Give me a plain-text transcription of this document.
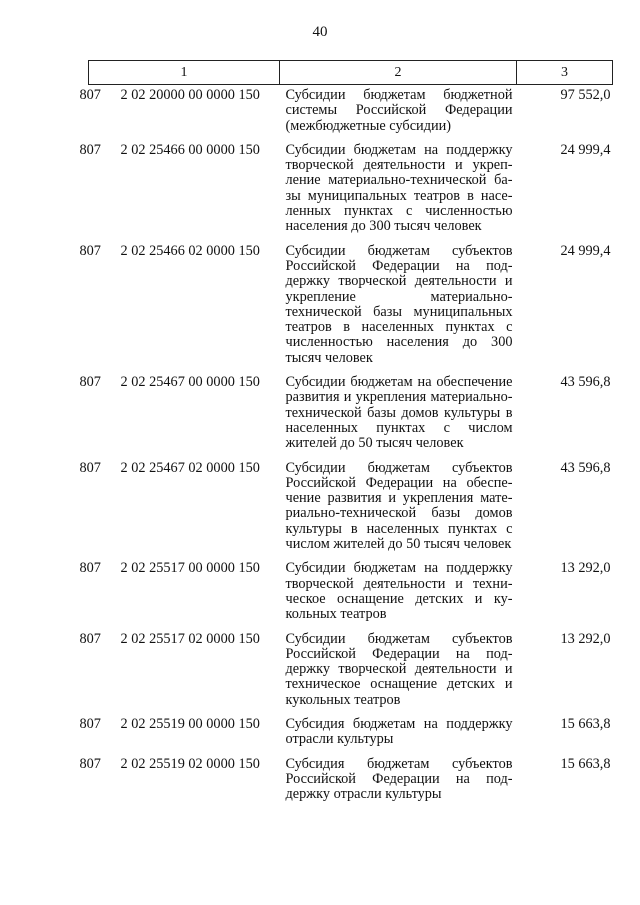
40
1	2	3

807 2 02 20000 00 0000 150	Субсидии бюджетам бюджетной системы Российской Федерации (межбюджетные субсидии)	97 552,0

807 2 02 25466 00 0000 150	Субсидии бюджетам на поддержку творческой деятельности и укрепление материально-технической базы муниципальных театров в населенных пунктах с численностью населения до 300 тысяч человек	24 999,4

807 2 02 25466 02 0000 150	Субсидии бюджетам субъектов Российской Федерации на поддержку творческой деятельности и укрепление материально-технической базы муниципальных театров в населенных пунктах с численностью населения до 300 тысяч человек	24 999,4

807 2 02 25467 00 0000 150	Субсидии бюджетам на обеспечение развития и укрепления материально-технической базы домов культуры в населенных пунктах с числом жителей до 50 тысяч человек	43 596,8

807 2 02 25467 02 0000 150	Субсидии бюджетам субъектов Российской Федерации на обеспечение развития и укрепления материально-технической базы домов культуры в населенных пунктах с числом жителей до 50 тысяч человек	43 596,8

807 2 02 25517 00 0000 150	Субсидии бюджетам на поддержку творческой деятельности и техническое оснащение детских и кукольных театров	13 292,0

807 2 02 25517 02 0000 150	Субсидии бюджетам субъектов Российской Федерации на поддержку творческой деятельности и техническое оснащение детских и кукольных театров	13 292,0

807 2 02 25519 00 0000 150	Субсидия бюджетам на поддержку отрасли культуры	15 663,8

807 2 02 25519 02 0000 150	Субсидия бюджетам субъектов Российской Федерации на поддержку отрасли культуры	15 663,8
